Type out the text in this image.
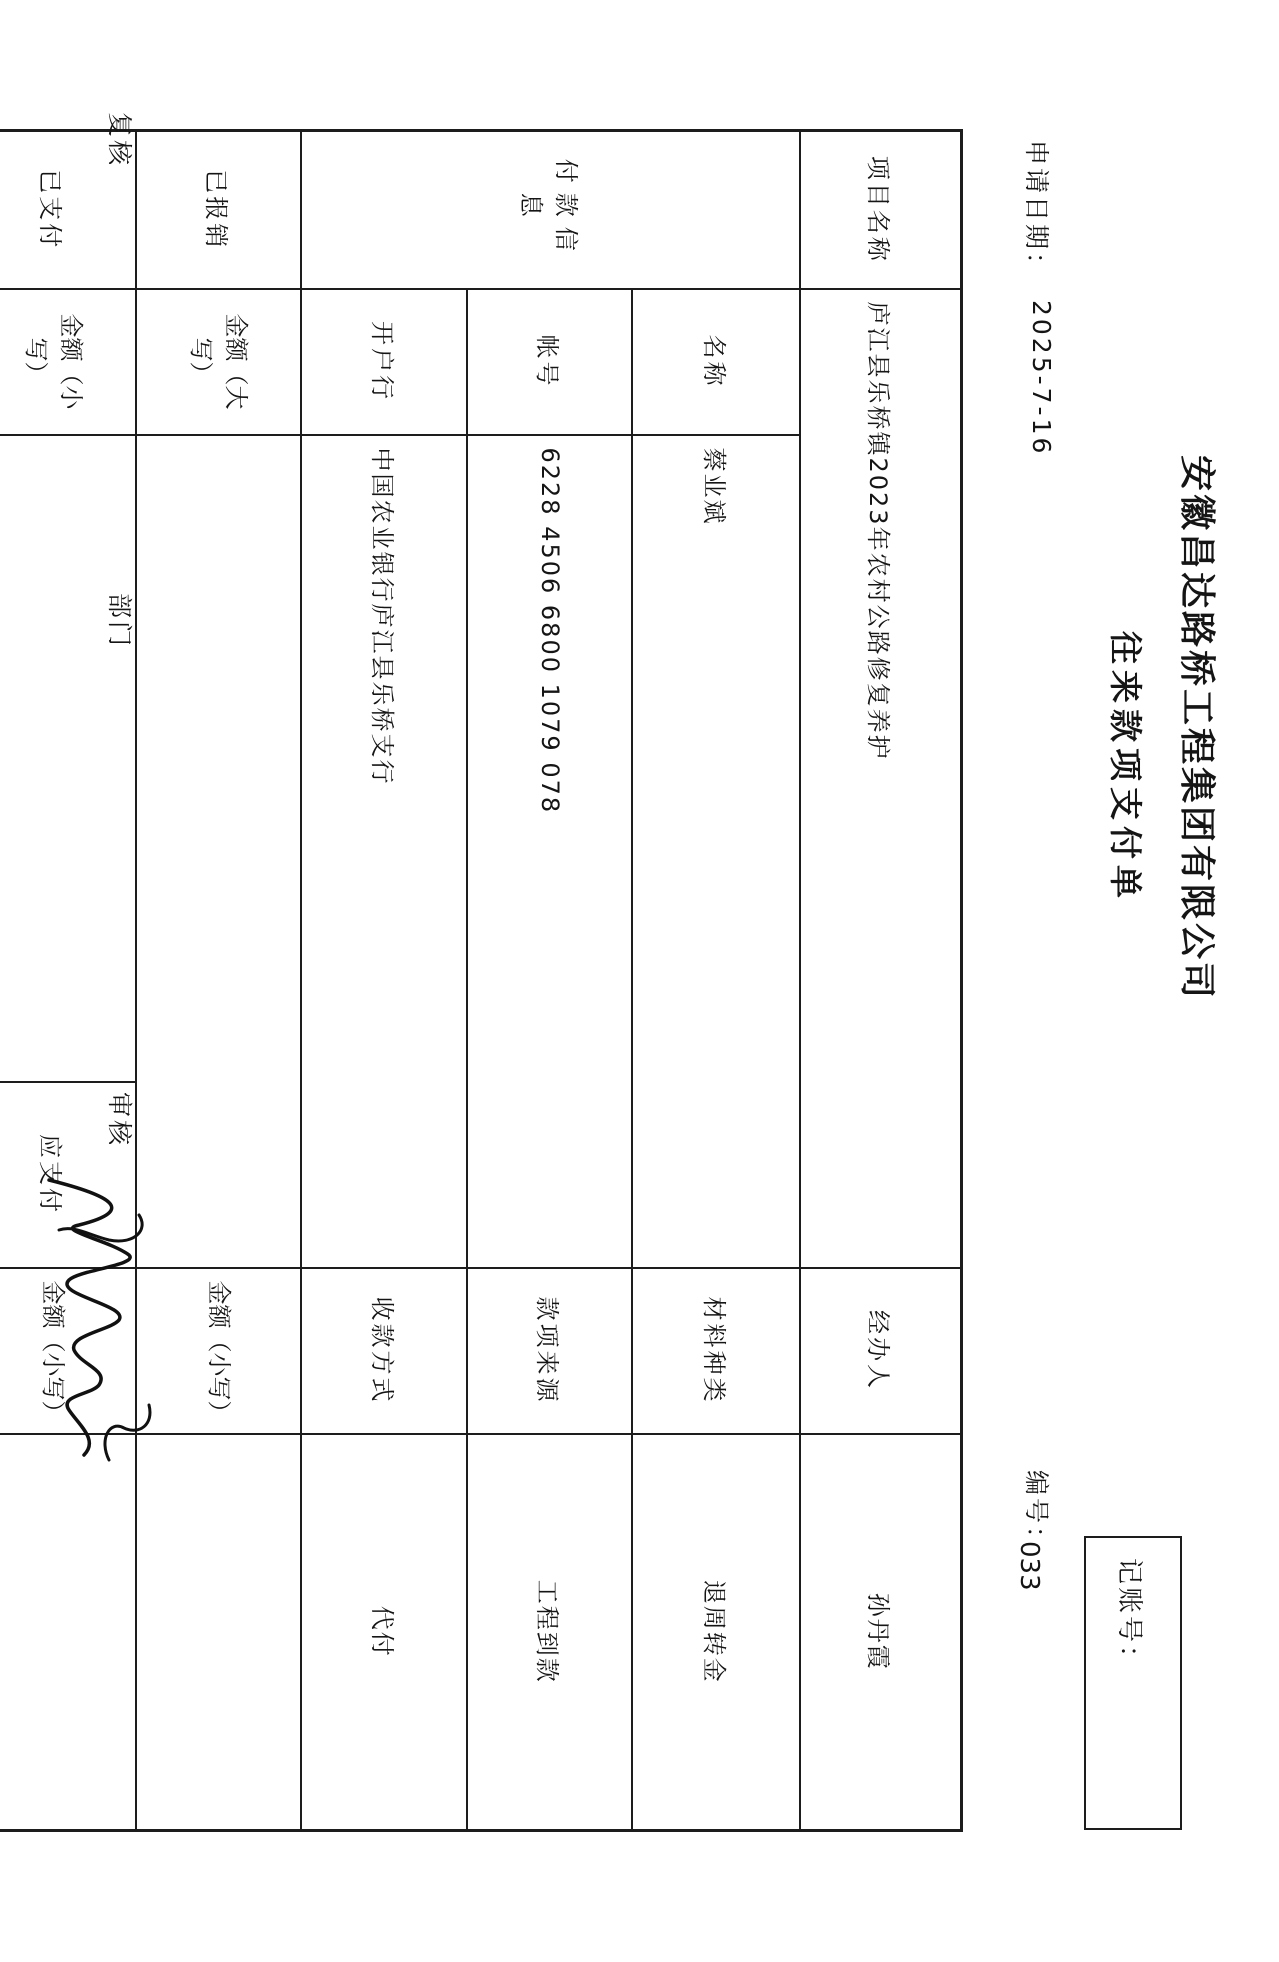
安徽昌达路桥工程集团有限公司
往来款项支付单
记账号：
申请日期：
2025-7-16
编号：
项目名称	庐江县乐桥镇2023年农村公路修复养护			经办人	孙丹霞
付款信息	名称	蔡业斌		材料种类	退周转金
	帐号	6228 4506 6800 1079 078		款项来源	工程到款
	开户行	中国农业银行庐江县乐桥支行		收款方式	代付
已报销	金额（大写）			金额（小写）	
已支付	金额（小写）		应支付	金额（小写）	

033
复核
部门
审核
